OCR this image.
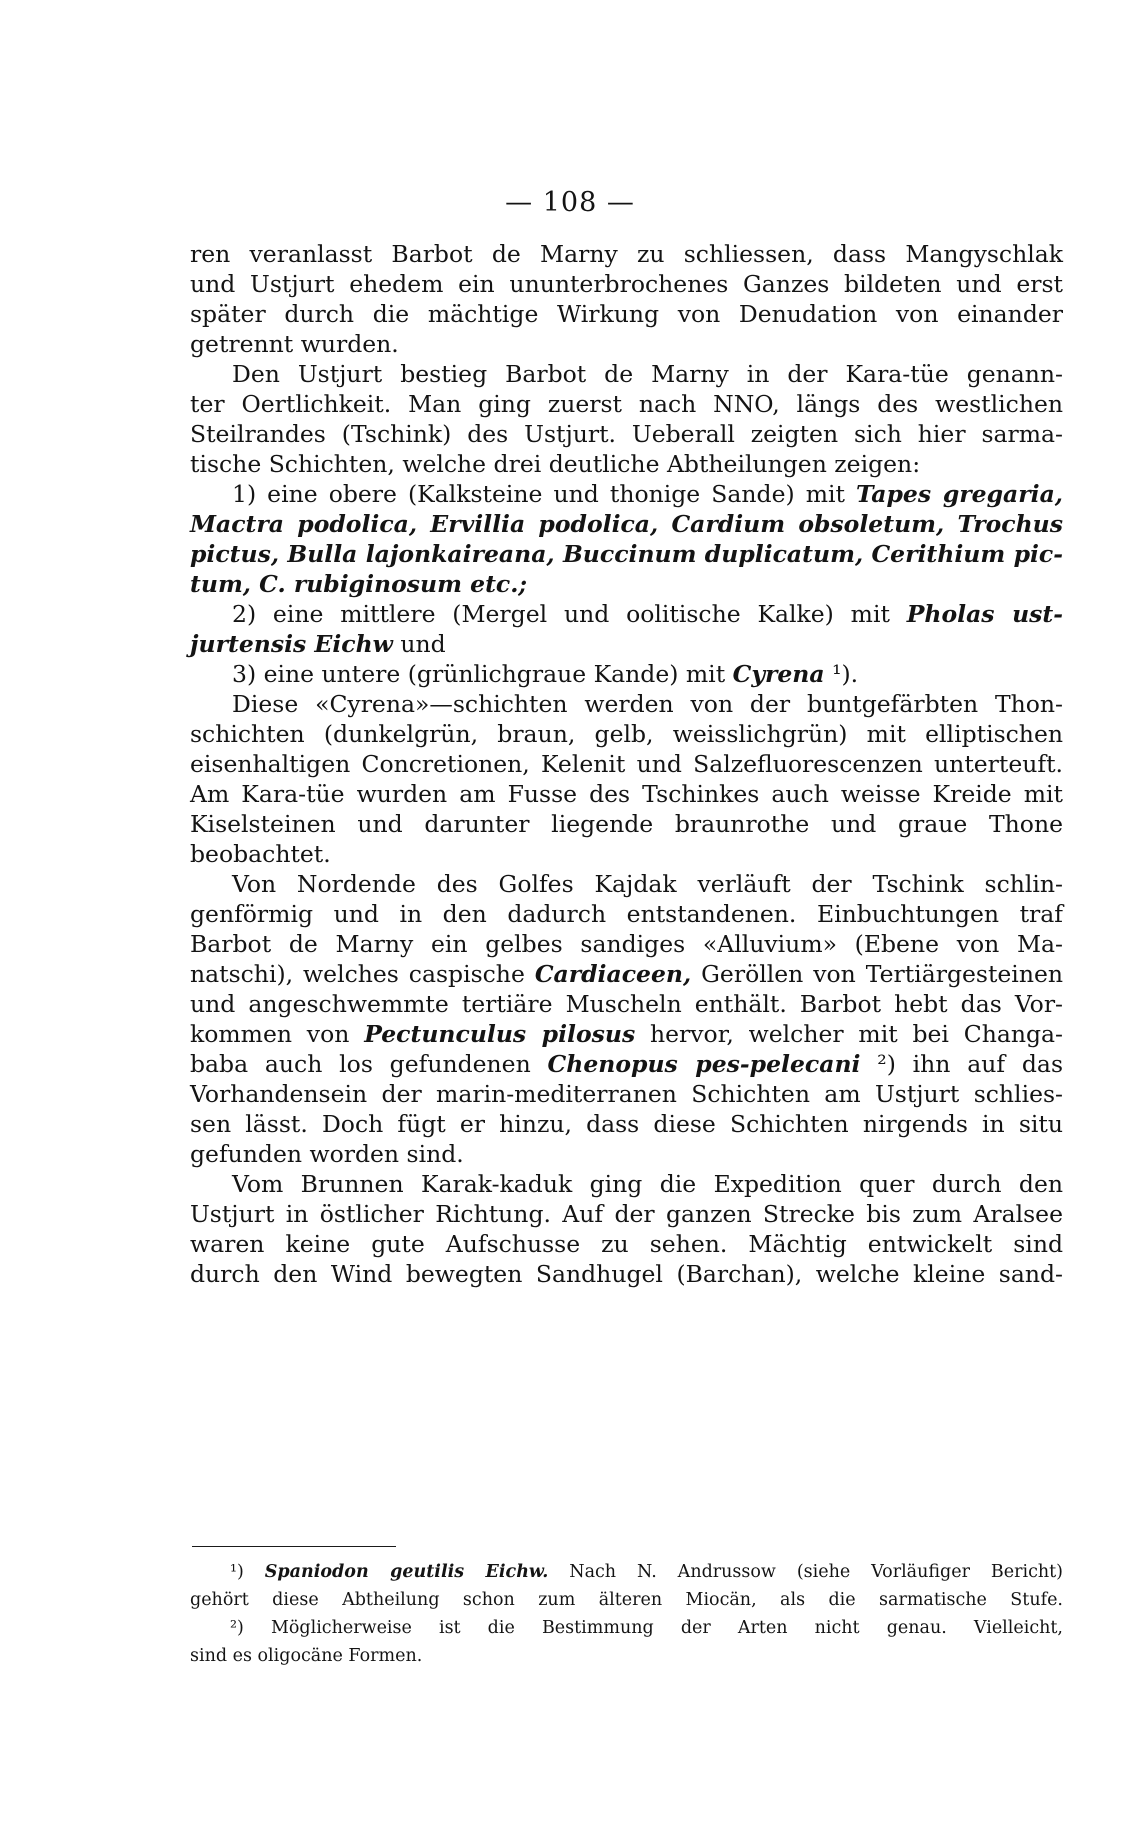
— 108 —
ren veranlasst Barbot de Marny zu schliessen, dass Mangyschlak
und Ustjurt ehedem ein ununterbrochenes Ganzes bildeten und erst
später durch die mächtige Wirkung von Denudation von einander
getrennt wurden.
Den Ustjurt bestieg Barbot de Marny in der Kara-tüe genann-
ter Oertlichkeit. Man ging zuerst nach NNO, längs des westlichen
Steilrandes (Tschink) des Ustjurt. Ueberall zeigten sich hier sarma-
tische Schichten, welche drei deutliche Abtheilungen zeigen:
1) eine obere (Kalksteine und thonige Sande) mit Tapes gregaria,
Mactra podolica, Ervillia podolica, Cardium obsoletum, Trochus
pictus, Bulla lajonkaireana, Buccinum duplicatum, Cerithium pic-
tum, C. rubiginosum etc.;
2) eine mittlere (Mergel und oolitische Kalke) mit Pholas ust-
jurtensis Eichw und
3) eine untere (grünlichgraue Kande) mit Cyrena ¹).
Diese «Cyrena»—schichten werden von der buntgefärbten Thon-
schichten (dunkelgrün, braun, gelb, weisslichgrün) mit elliptischen
eisenhaltigen Concretionen, Kelenit und Salzefluorescenzen unterteuft.
Am Kara-tüe wurden am Fusse des Tschinkes auch weisse Kreide mit
Kiselsteinen und darunter liegende braunrothe und graue Thone
beobachtet.
Von Nordende des Golfes Kajdak verläuft der Tschink schlin-
genförmig und in den dadurch entstandenen. Einbuchtungen traf
Barbot de Marny ein gelbes sandiges «Alluvium» (Ebene von Ma-
natschi), welches caspische Cardiaceen, Geröllen von Tertiärgesteinen
und angeschwemmte tertiäre Muscheln enthält. Barbot hebt das Vor-
kommen von Pectunculus pilosus hervor, welcher mit bei Changa-
baba auch los gefundenen Chenopus pes-pelecani ²) ihn auf das
Vorhandensein der marin-mediterranen Schichten am Ustjurt schlies-
sen lässt. Doch fügt er hinzu, dass diese Schichten nirgends in situ
gefunden worden sind.
Vom Brunnen Karak-kaduk ging die Expedition quer durch den
Ustjurt in östlicher Richtung. Auf der ganzen Strecke bis zum Aralsee
waren keine gute Aufschusse zu sehen. Mächtig entwickelt sind
durch den Wind bewegten Sandhugel (Barchan), welche kleine sand-
¹) Spaniodon geutilis Eichw. Nach N. Andrussow (siehe Vorläufiger Bericht)
gehört diese Abtheilung schon zum älteren Miocän, als die sarmatische Stufe.
²) Möglicherweise ist die Bestimmung der Arten nicht genau. Vielleicht,
sind es oligocäne Formen.
